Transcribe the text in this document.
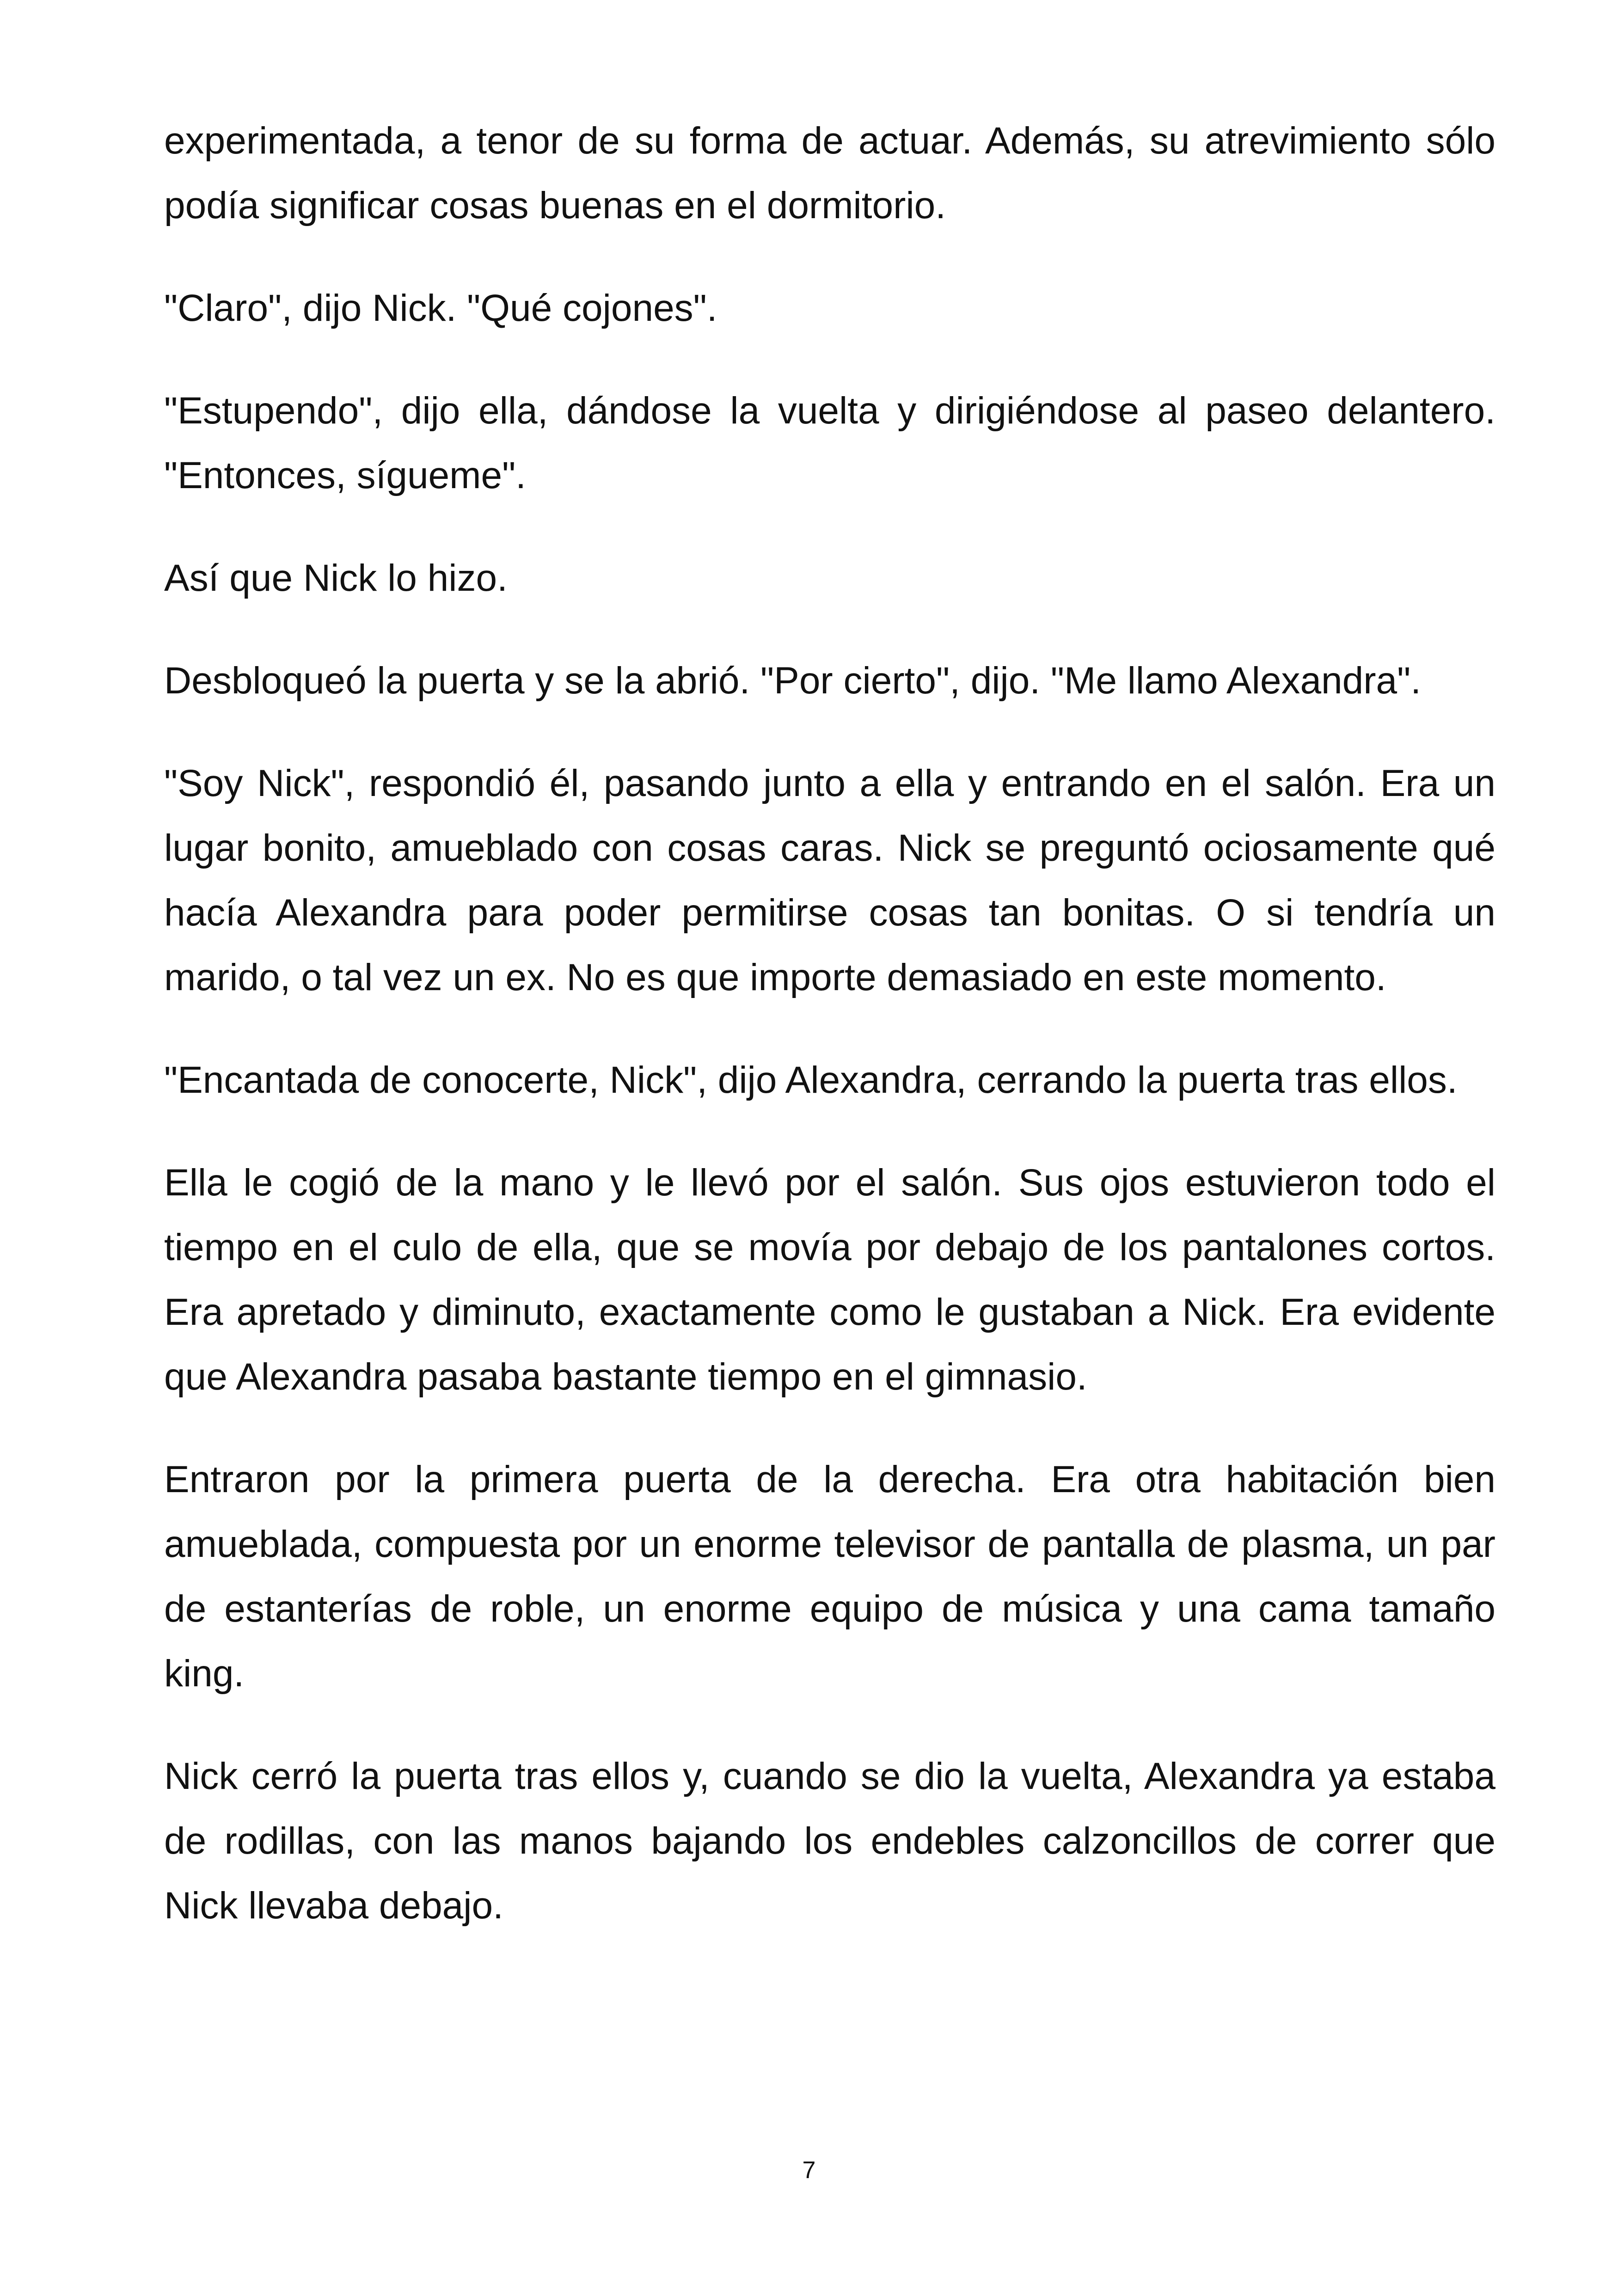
experimentada, a tenor de su forma de actuar. Además, su atrevimiento sólo podía significar cosas buenas en el dormitorio.

"Claro", dijo Nick. "Qué cojones".

"Estupendo", dijo ella, dándose la vuelta y dirigiéndose al paseo delantero. "Entonces, sígueme".

Así que Nick lo hizo.

Desbloqueó la puerta y se la abrió. "Por cierto", dijo. "Me llamo Alexandra".

"Soy Nick", respondió él, pasando junto a ella y entrando en el salón. Era un lugar bonito, amueblado con cosas caras. Nick se preguntó ociosamente qué hacía Alexandra para poder permitirse cosas tan bonitas. O si tendría un marido, o tal vez un ex. No es que importe demasiado en este momento.

"Encantada de conocerte, Nick", dijo Alexandra, cerrando la puerta tras ellos.

Ella le cogió de la mano y le llevó por el salón. Sus ojos estuvieron todo el tiempo en el culo de ella, que se movía por debajo de los pantalones cortos. Era apretado y diminuto, exactamente como le gustaban a Nick. Era evidente que Alexandra pasaba bastante tiempo en el gimnasio.

Entraron por la primera puerta de la derecha. Era otra habitación bien amueblada, compuesta por un enorme televisor de pantalla de plasma, un par de estanterías de roble, un enorme equipo de música y una cama tamaño king.

Nick cerró la puerta tras ellos y, cuando se dio la vuelta, Alexandra ya estaba de rodillas, con las manos bajando los endebles calzoncillos de correr que Nick llevaba debajo.

7
